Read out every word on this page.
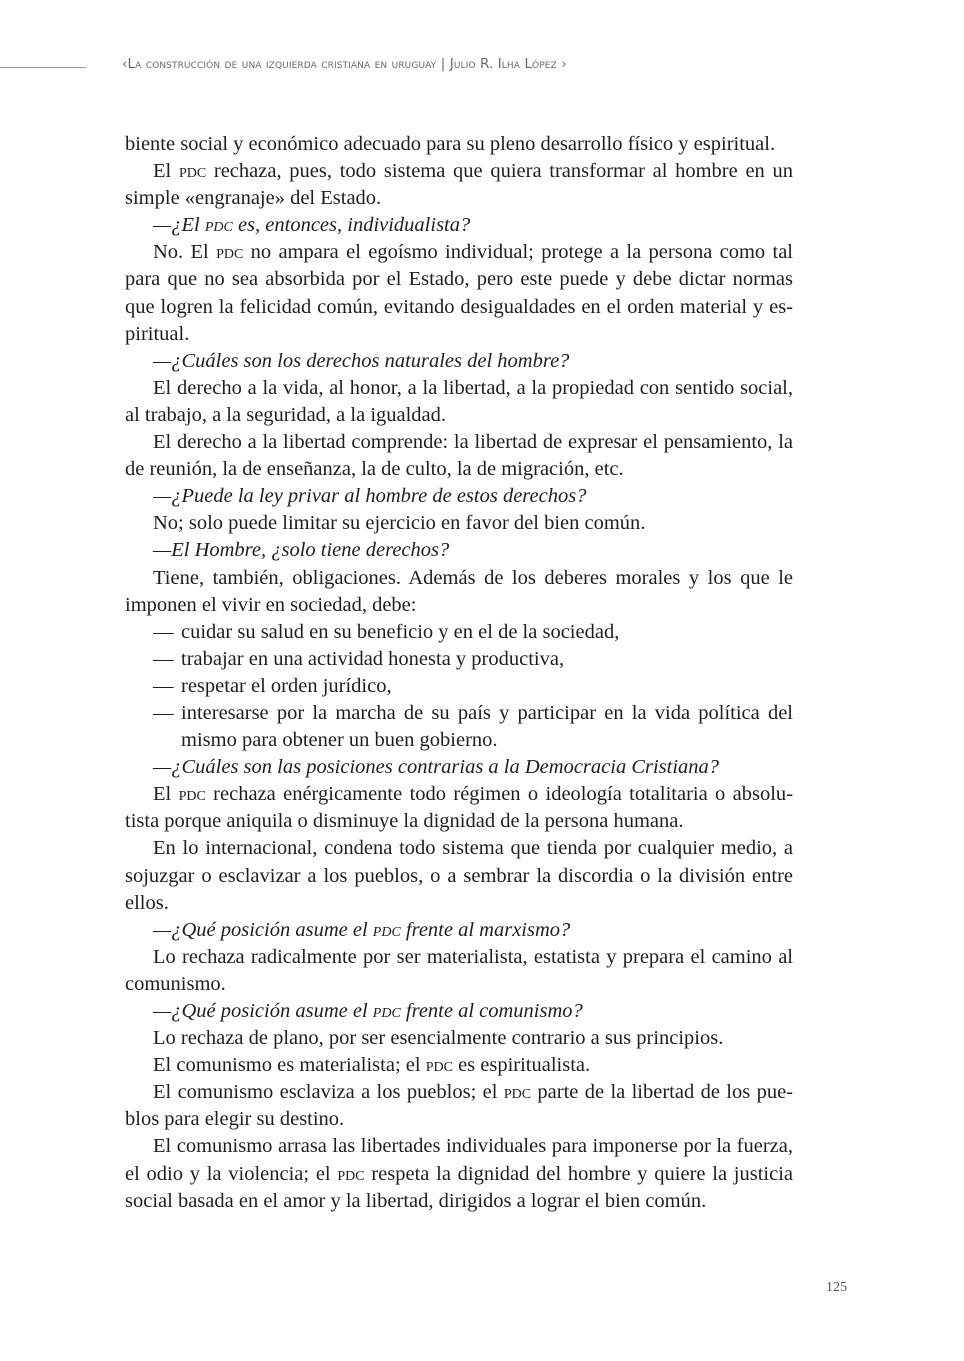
‹La construcción de una izquierda cristiana en uruguay | Julio R. Ilha López ›

biente social y económico adecuado para su pleno desarrollo físico y espiritual.

El pdc rechaza, pues, todo sistema que quiera transformar al hombre en un simple «engranaje» del Estado.

—¿El pdc es, entonces, individualista?

No. El pdc no ampara el egoísmo individual; protege a la persona como tal para que no sea absorbida por el Estado, pero este puede y debe dictar normas que logren la felicidad común, evitando desigualdades en el orden material y espiritual.

—¿Cuáles son los derechos naturales del hombre?

El derecho a la vida, al honor, a la libertad, a la propiedad con sentido social, al trabajo, a la seguridad, a la igualdad.

El derecho a la libertad comprende: la libertad de expresar el pensamiento, la de reunión, la de enseñanza, la de culto, la de migración, etc.

—¿Puede la ley privar al hombre de estos derechos?

No; solo puede limitar su ejercicio en favor del bien común.

—El Hombre, ¿solo tiene derechos?

Tiene, también, obligaciones. Además de los deberes morales y los que le imponen el vivir en sociedad, debe:

— cuidar su salud en su beneficio y en el de la sociedad,

— trabajar en una actividad honesta y productiva,

— respetar el orden jurídico,

— interesarse por la marcha de su país y participar en la vida política del mismo para obtener un buen gobierno.

—¿Cuáles son las posiciones contrarias a la Democracia Cristiana?

El pdc rechaza enérgicamente todo régimen o ideología totalitaria o absolutista porque aniquila o disminuye la dignidad de la persona humana.

En lo internacional, condena todo sistema que tienda por cualquier medio, a sojuzgar o esclavizar a los pueblos, o a sembrar la discordia o la división entre ellos.

—¿Qué posición asume el pdc frente al marxismo?

Lo rechaza radicalmente por ser materialista, estatista y prepara el camino al comunismo.

—¿Qué posición asume el pdc frente al comunismo?

Lo rechaza de plano, por ser esencialmente contrario a sus principios.

El comunismo es materialista; el pdc es espiritualista.

El comunismo esclaviza a los pueblos; el pdc parte de la libertad de los pueblos para elegir su destino.

El comunismo arrasa las libertades individuales para imponerse por la fuerza, el odio y la violencia; el pdc respeta la dignidad del hombre y quiere la justicia social basada en el amor y la libertad, dirigidos a lograr el bien común.

125
